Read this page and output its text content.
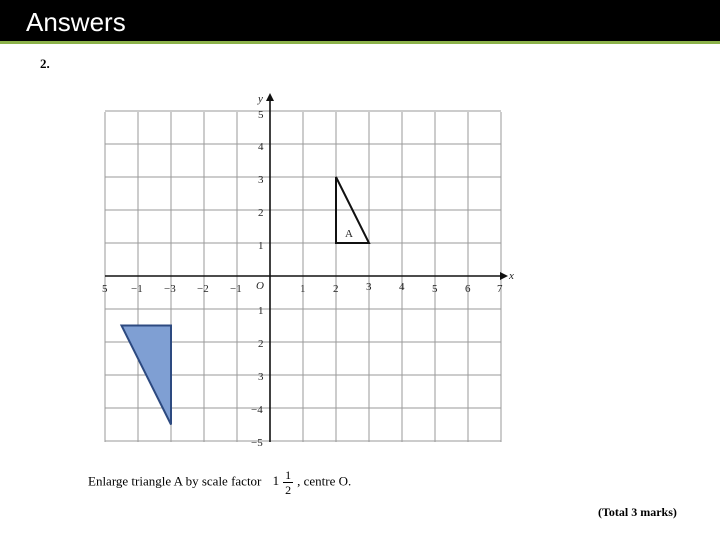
Answers
2.
x
y
O
5 −1 −3 −2 −1	1	2	3	4	5	6 7
5
4
3
2
1
1
2
3
−4
−5
A
Enlarge triangle A by scale factor $1 \frac{1}{2}$ , centre O.
(Total 3 marks)
